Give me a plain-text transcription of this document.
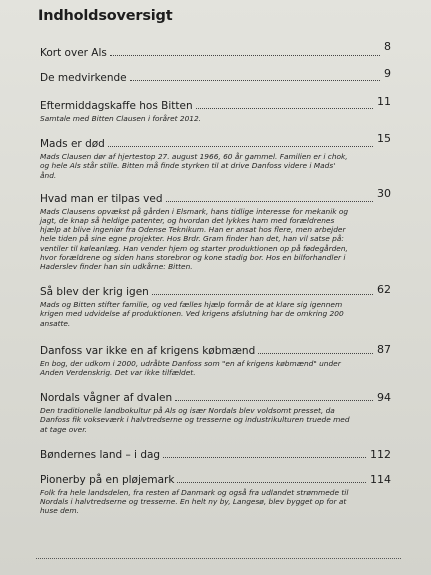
Indholdsoversigt
Kort over Als	8
De medvirkende	9
Eftermiddagskaffe hos Bitten	11
Samtale med Bitten Clausen i foråret 2012.
Mads er død	15
Mads Clausen dør af hjertestop 27. august 1966, 60 år gammel. Familien er i chok, og hele Als står stille. Bitten må finde styrken til at drive Danfoss videre i Mads' ånd.
Hvad man er tilpas ved	30
Mads Clausens opvækst på gården i Elsmark, hans tidlige interesse for mekanik og jagt, de knap så heldige patenter, og hvordan det lykkes ham med forældrenes hjælp at blive ingeniør fra Odense Teknikum. Han er ansat hos flere, men arbejder hele tiden på sine egne projekter. Hos Brdr. Gram finder han det, han vil satse på: ventiler til køleanlæg. Han vender hjem og starter produktionen op på fødegården, hvor forældrene og siden hans storebror og kone stadig bor. Hos en bilforhandler i Haderslev finder han sin udkårne: Bitten.
Så blev der krig igen	62
Mads og Bitten stifter familie, og ved fælles hjælp formår de at klare sig igennem krigen med udvidelse af produktionen. Ved krigens afslutning har de omkring 200 ansatte.
Danfoss var ikke en af krigens købmænd	87
En bog, der udkom i 2000, udråbte Danfoss som "en af krigens købmænd" under Anden Verdenskrig. Det var ikke tilfældet.
Nordals vågner af dvalen	94
Den traditionelle landbokultur på Als og især Nordals blev voldsomt presset, da Danfoss fik vokseværk i halvtredserne og tresserne og industrikulturen truede med at tage over.
Bøndernes land – i dag	112
Pionerby på en pløjemark	114
Folk fra hele landsdelen, fra resten af Danmark og også fra udlandet strømmede til Nordals i halvtredserne og tresserne. En helt ny by, Langesø, blev bygget op for at huse dem.
